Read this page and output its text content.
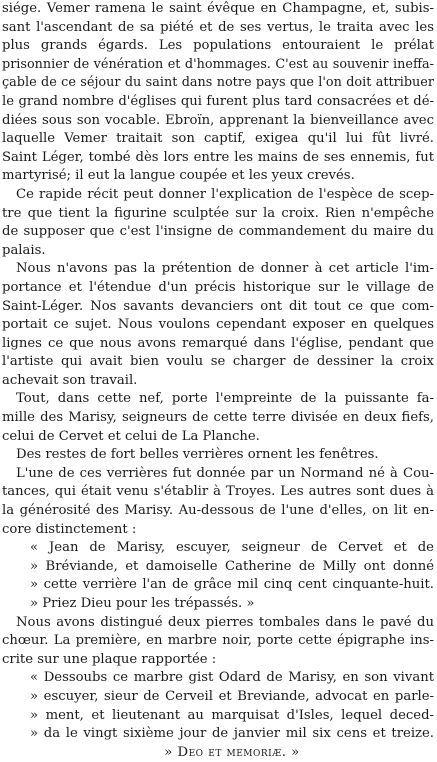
siége. Vemer ramena le saint évêque en Champagne, et, subis-
sant l'ascendant de sa piété et de ses vertus, le traita avec les
plus grands égards. Les populations entouraient le prélat
prisonnier de vénération et d'hommages. C'est au souvenir ineffa-
çable de ce séjour du saint dans notre pays que l'on doit attribuer
le grand nombre d'églises qui furent plus tard consacrées et dé-
diées sous son vocable. Ebroïn, apprenant la bienveillance avec
laquelle Vemer traitait son captif, exigea qu'il lui fût livré.
Saint Léger, tombé dès lors entre les mains de ses ennemis, fut
martyrisé; il eut la langue coupée et les yeux crevés.
Ce rapide récit peut donner l'explication de l'espèce de scep-
tre que tient la figurine sculptée sur la croix. Rien n'empêche
de supposer que c'est l'insigne de commandement du maire du
palais.
Nous n'avons pas la prétention de donner à cet article l'im-
portance et l'étendue d'un précis historique sur le village de
Saint-Léger. Nos savants devanciers ont dit tout ce que com-
portait ce sujet. Nous voulons cependant exposer en quelques
lignes ce que nous avons remarqué dans l'église, pendant que
l'artiste qui avait bien voulu se charger de dessiner la croix
achevait son travail.
Tout, dans cette nef, porte l'empreinte de la puissante fa-
mille des Marisy, seigneurs de cette terre divisée en deux fiefs,
celui de Cervet et celui de La Planche.
Des restes de fort belles verrières ornent les fenêtres.
L'une de ces verrières fut donnée par un Normand né à Cou-
tances, qui était venu s'établir à Troyes. Les autres sont dues à
la générosité des Marisy. Au-dessous de l'une d'elles, on lit en-
core distinctement :
« Jean de Marisy, escuyer, seigneur de Cervet et de
» Bréviande, et damoiselle Catherine de Milly ont donné
» cette verrière l'an de grâce mil cinq cent cinquante-huit.
» Priez Dieu pour les trépassés. »
Nous avons distingué deux pierres tombales dans le pavé du
chœur. La première, en marbre noir, porte cette épigraphe ins-
crite sur une plaque rapportée :
« Dessoubs ce marbre gist Odard de Marisy, en son vivant
» escuyer, sieur de Cerveil et Breviande, advocat en parle-
» ment, et lieutenant au marquisat d'Isles, lequel deced-
» da le vingt sixième jour de janvier mil six cens et treize.
» Deo et memoriæ. »
